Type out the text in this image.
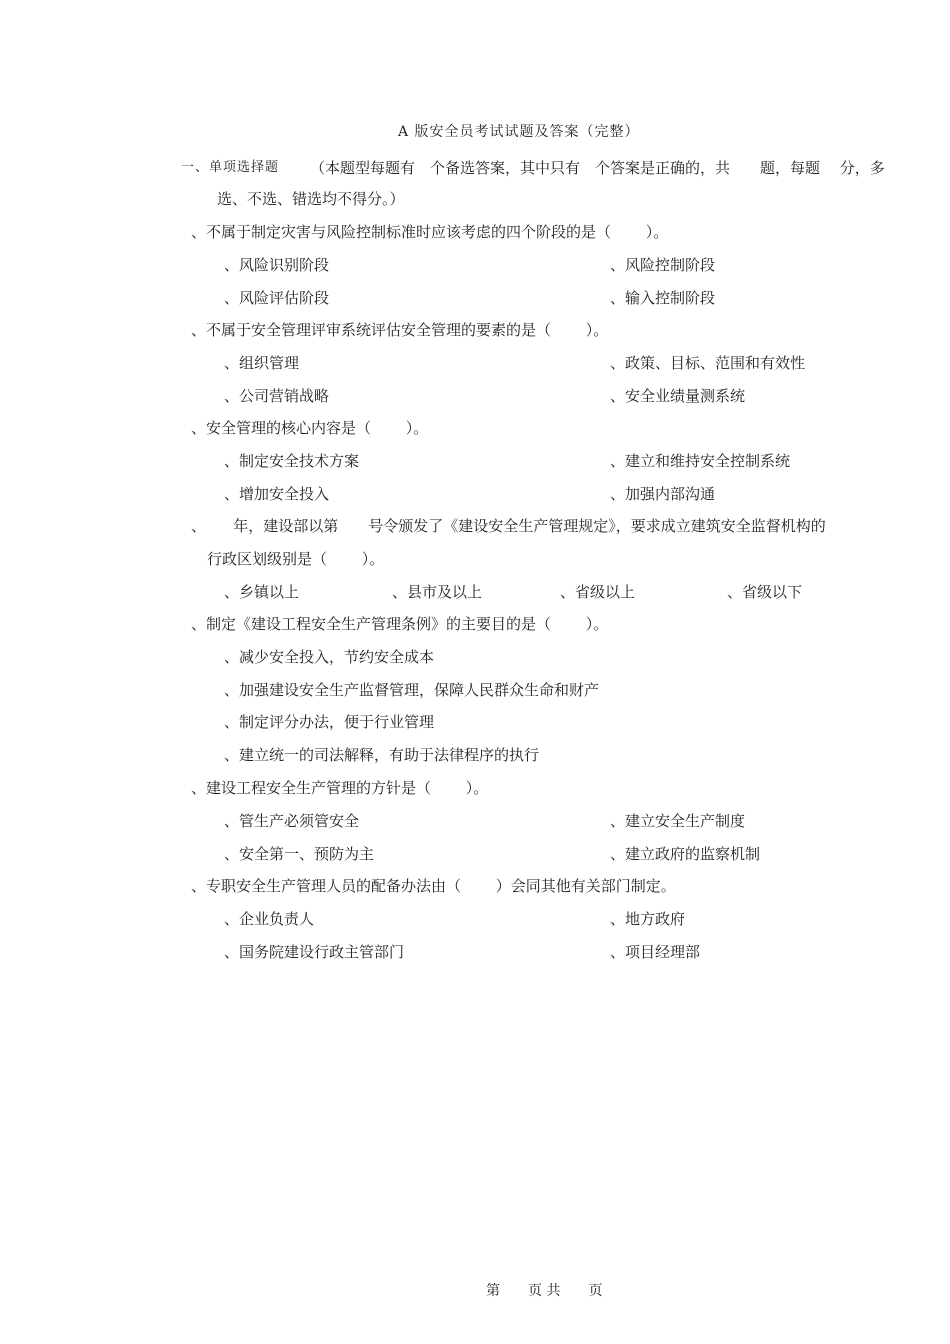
A 版安全员考试试题及答案（完整）
一、单项选择题 （本题型每题有　个备选答案，其中只有　个答案是正确的，共　　题，每题　 分，多
选、不选、错选均不得分。）
、不属于制定灾害与风险控制标准时应该考虑的四个阶段的是（　　 ）。
、风险识别阶段	、风险控制阶段
、风险评估阶段	、输入控制阶段
、不属于安全管理评审系统评估安全管理的要素的是（　　 ）。
、组织管理	、政策、目标、范围和有效性
、公司营销战略	、安全业绩量测系统
、安全管理的核心内容是（　　 ）。
、制定安全技术方案	、建立和维持安全控制系统
、增加安全投入	、加强内部沟通
、　　 年，建设部以第　　号令颁发了《建设安全生产管理规定》，要求成立建筑安全监督机构的
行政区划级别是（　　 ）。
、乡镇以上	、县市及以上	、省级以上	、省级以下
、制定《建设工程安全生产管理条例》的主要目的是（　　 ）。
、减少安全投入，节约安全成本
、加强建设安全生产监督管理，保障人民群众生命和财产
、制定评分办法，便于行业管理
、建立统一的司法解释，有助于法律程序的执行
、建设工程安全生产管理的方针是（　　 ）。
、管生产必须管安全	、建立安全生产制度
、安全第一、预防为主	、建立政府的监察机制
、专职安全生产管理人员的配备办法由（　　 ）会同其他有关部门制定。
、企业负责人	、地方政府
、国务院建设行政主管部门	、项目经理部
第　　页 共　　页
